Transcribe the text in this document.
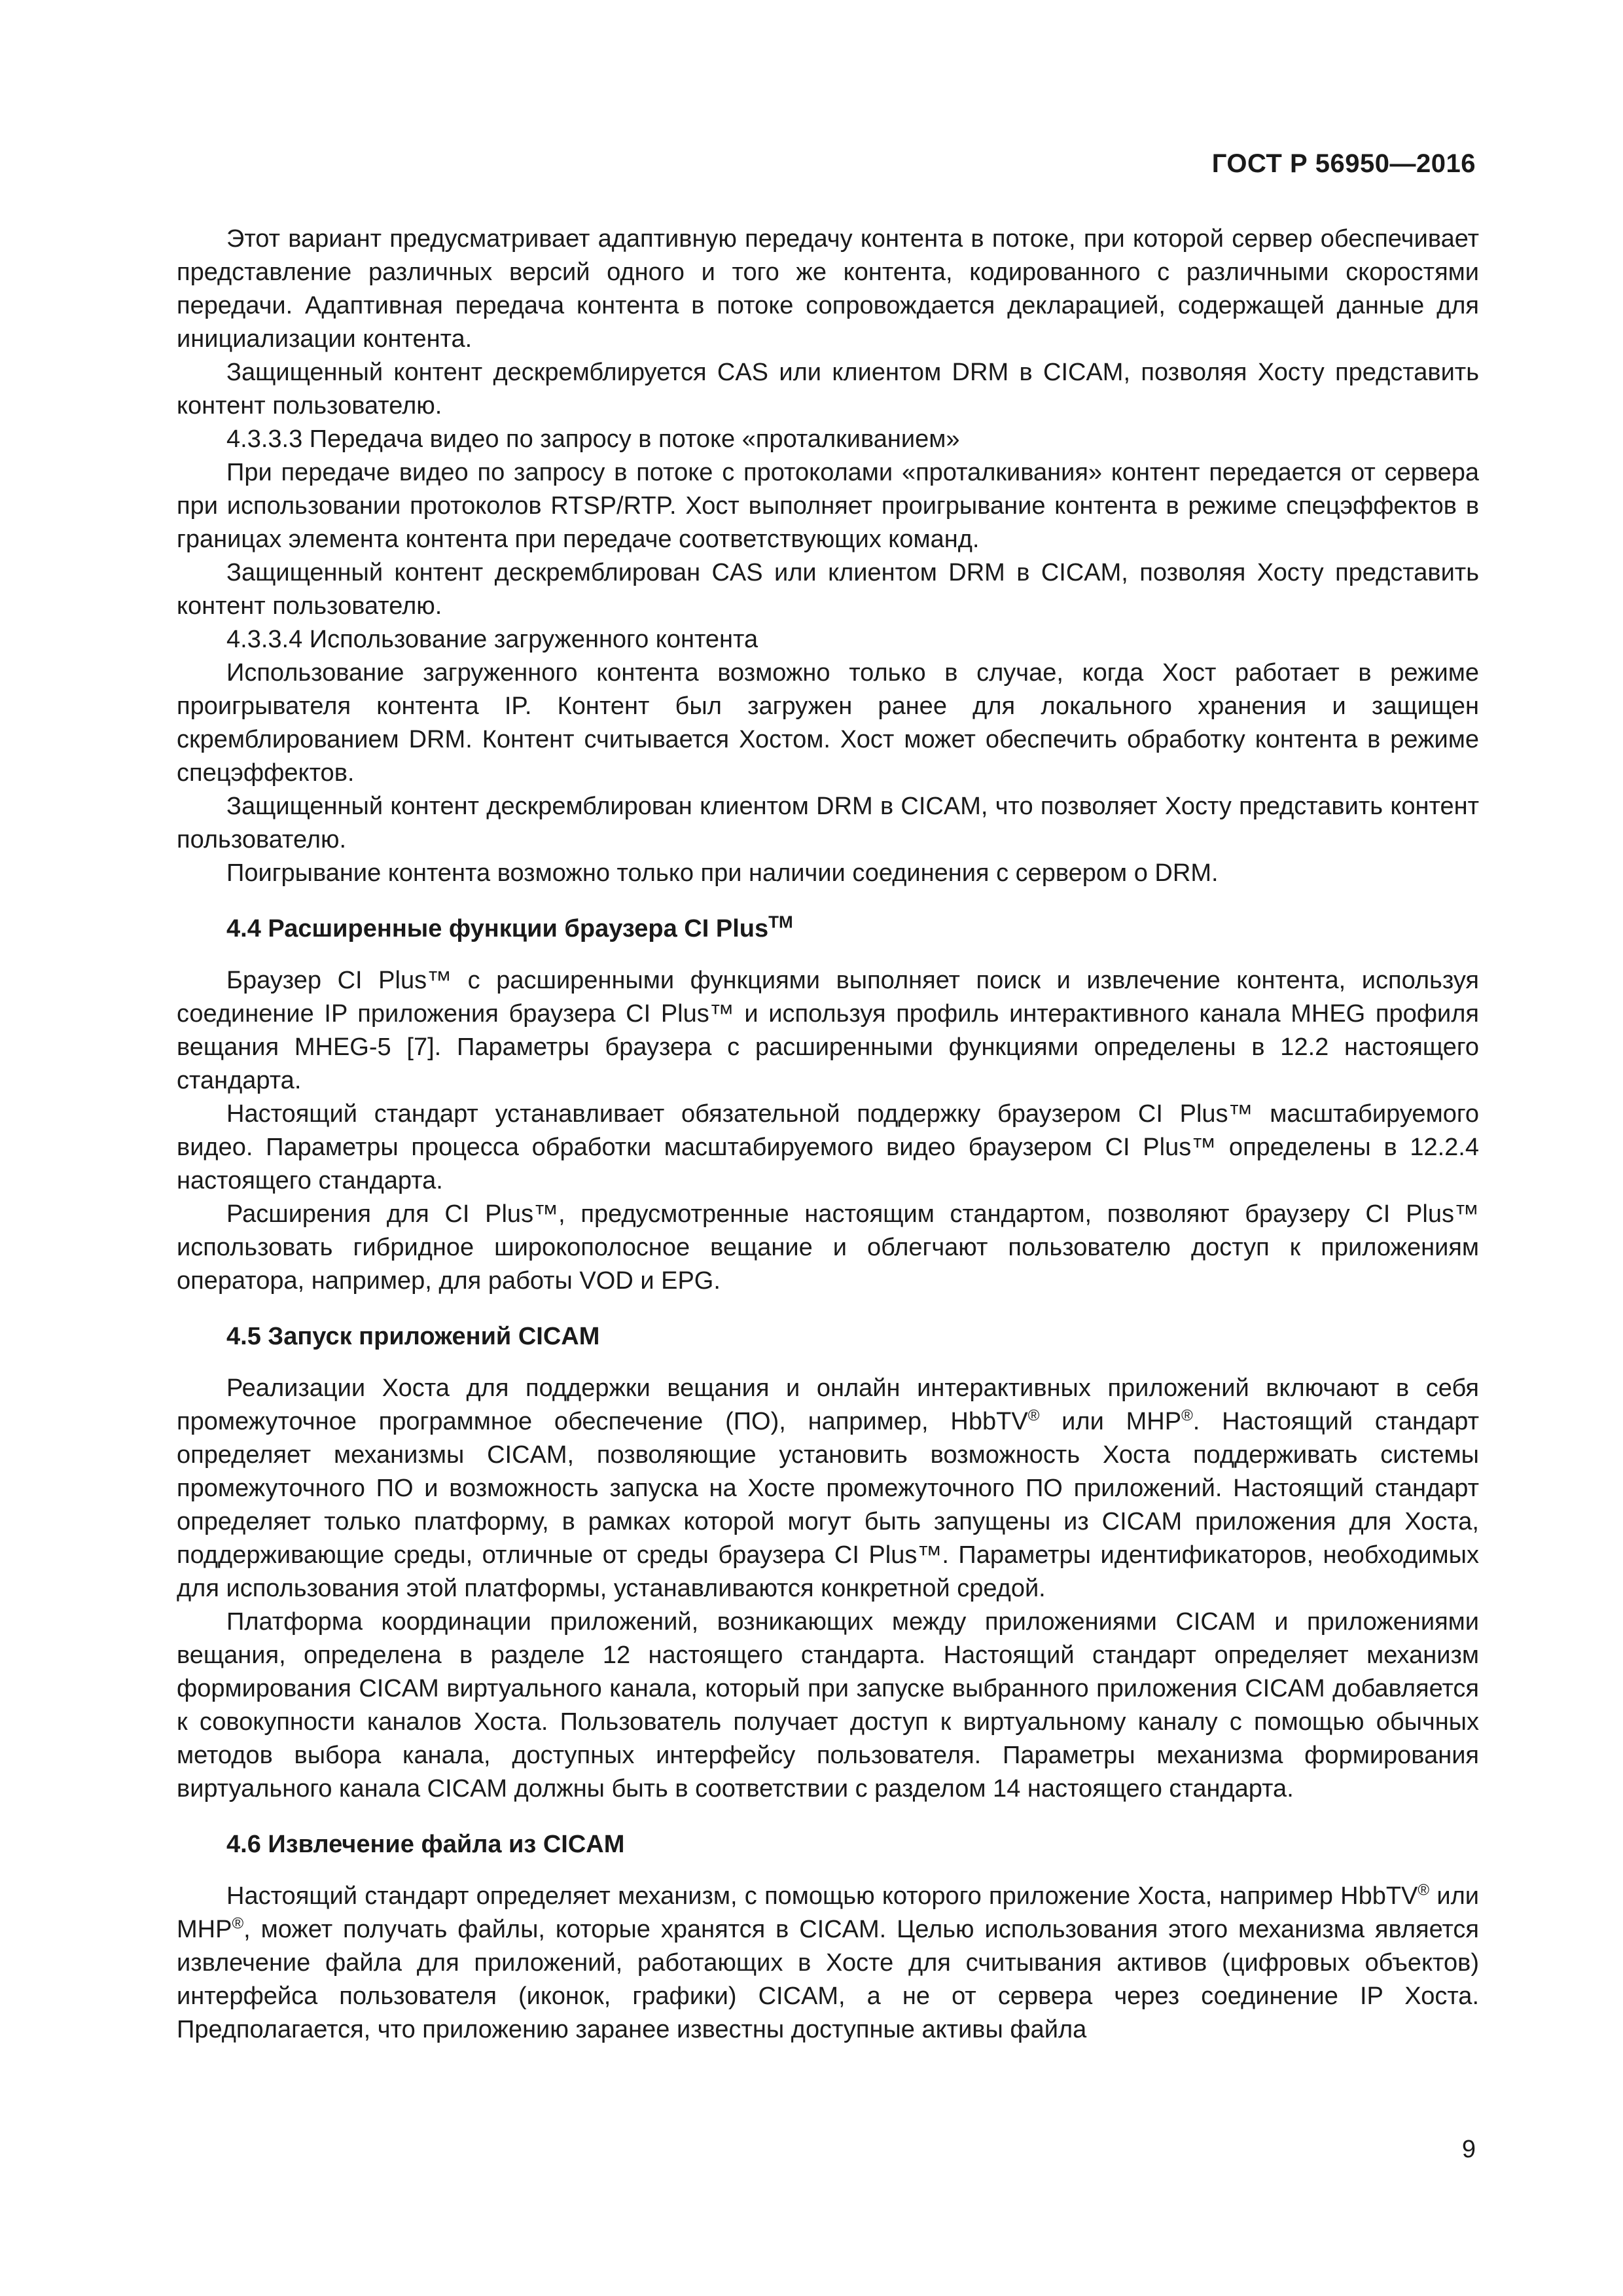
ГОСТ Р 56950—2016

Этот вариант предусматривает адаптивную передачу контента в потоке, при которой сервер обеспечивает представление различных версий одного и того же контента, кодированного с различными скоростями передачи. Адаптивная передача контента в потоке сопровождается декларацией, содержащей данные для инициализации контента.

Защищенный контент дескремблируется CAS или клиентом DRM в CICAM, позволяя Хосту представить контент пользователю.

4.3.3.3 Передача видео по запросу в потоке «проталкиванием»

При передаче видео по запросу в потоке с протоколами «проталкивания» контент передается от сервера при использовании протоколов RTSP/RTP. Хост выполняет проигрывание контента в режиме спецэффектов в границах элемента контента при передаче соответствующих команд.

Защищенный контент дескремблирован CAS или клиентом DRM в CICAM, позволяя Хосту представить контент пользователю.

4.3.3.4 Использование загруженного контента

Использование загруженного контента возможно только в случае, когда Хост работает в режиме проигрывателя контента IP. Контент был загружен ранее для локального хранения и защищен скремблированием DRM. Контент считывается Хостом. Хост может обеспечить обработку контента в режиме спецэффектов.

Защищенный контент дескремблирован клиентом DRM в CICAM, что позволяет Хосту представить контент пользователю.

Поигрывание контента возможно только при наличии соединения с сервером о DRM.

4.4 Расширенные функции браузера CI Plus™

Браузер CI Plus™ с расширенными функциями выполняет поиск и извлечение контента, используя соединение IP приложения браузера CI Plus™ и используя профиль интерактивного канала MHEG профиля вещания MHEG-5 [7]. Параметры браузера с расширенными функциями определены в 12.2 настоящего стандарта.

Настоящий стандарт устанавливает обязательной поддержку браузером CI Plus™ масштабируемого видео. Параметры процесса обработки масштабируемого видео браузером CI Plus™ определены в 12.2.4 настоящего стандарта.

Расширения для CI Plus™, предусмотренные настоящим стандартом, позволяют браузеру CI Plus™ использовать гибридное широкополосное вещание и облегчают пользователю доступ к приложениям оператора, например, для работы VOD и EPG.

4.5 Запуск приложений CICAM

Реализации Хоста для поддержки вещания и онлайн интерактивных приложений включают в себя промежуточное программное обеспечение (ПО), например, HbbTV® или MHP®. Настоящий стандарт определяет механизмы CICAM, позволяющие установить возможность Хоста поддерживать системы промежуточного ПО и возможность запуска на Хосте промежуточного ПО приложений. Настоящий стандарт определяет только платформу, в рамках которой могут быть запущены из CICAM приложения для Хоста, поддерживающие среды, отличные от среды браузера CI Plus™. Параметры идентификаторов, необходимых для использования этой платформы, устанавливаются конкретной средой.

Платформа координации приложений, возникающих между приложениями CICAM и приложениями вещания, определена в разделе 12 настоящего стандарта. Настоящий стандарт определяет механизм формирования CICAM виртуального канала, который при запуске выбранного приложения CICAM добавляется к совокупности каналов Хоста. Пользователь получает доступ к виртуальному каналу с помощью обычных методов выбора канала, доступных интерфейсу пользователя. Параметры механизма формирования виртуального канала CICAM должны быть в соответствии с разделом 14 настоящего стандарта.

4.6 Извлечение файла из CICAM

Настоящий стандарт определяет механизм, с помощью которого приложение Хоста, например HbbTV® или MHP®, может получать файлы, которые хранятся в CICAM. Целью использования этого механизма является извлечение файла для приложений, работающих в Хосте для считывания активов (цифровых объектов) интерфейса пользователя (иконок, графики) CICAM, а не от сервера через соединение IP Хоста. Предполагается, что приложению заранее известны доступные активы файла

9
